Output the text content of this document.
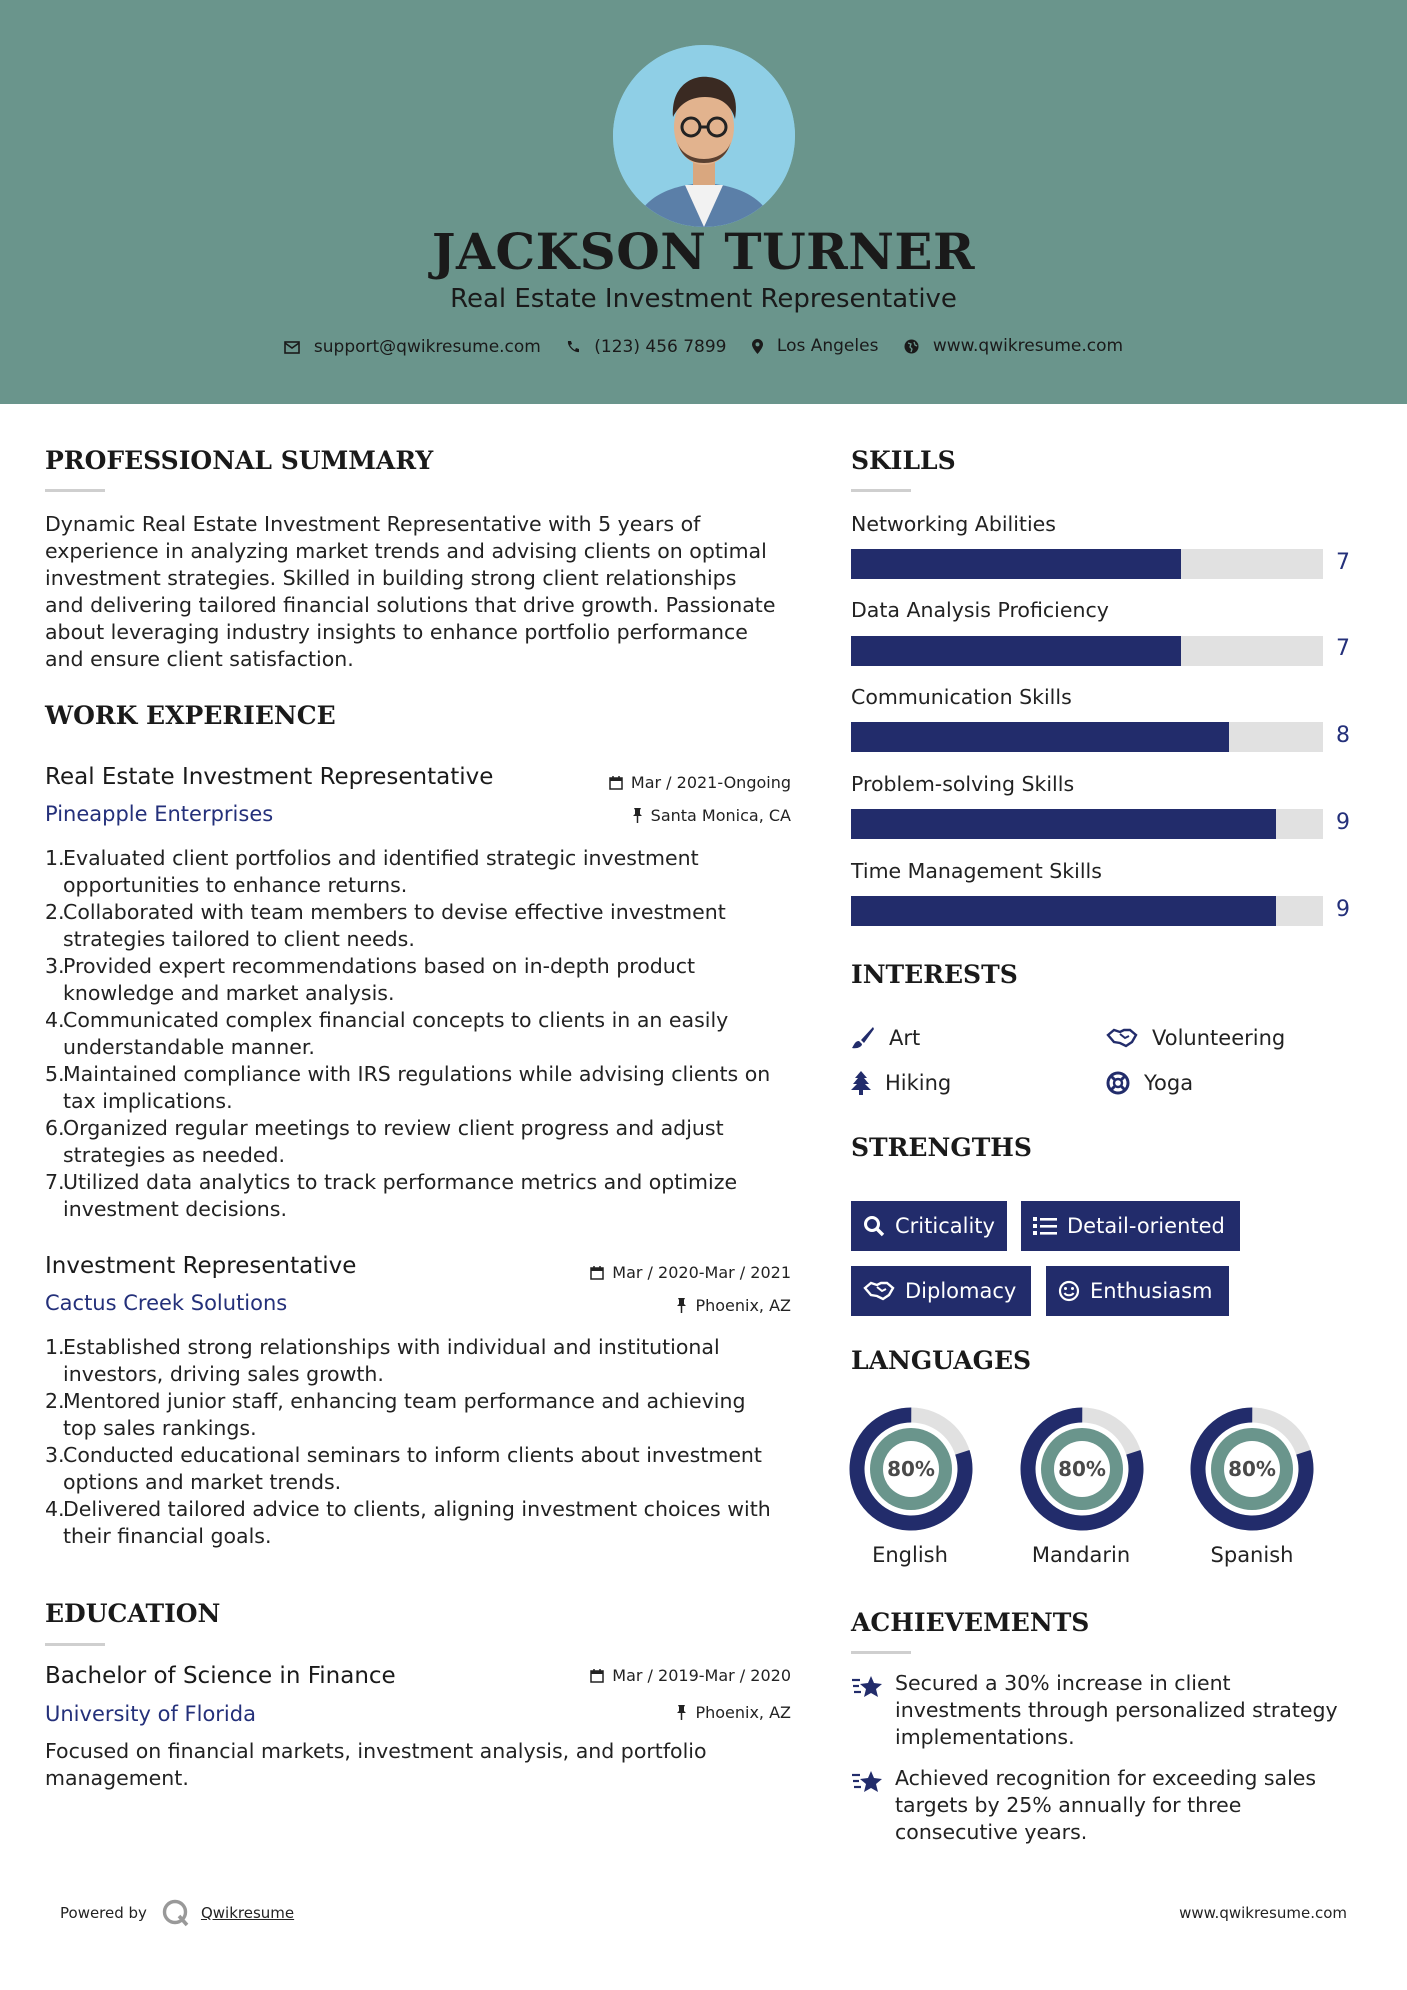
JACKSON TURNER
Real Estate Investment Representative
support@qwikresume.com
	(123) 456 7899
	Los Angeles
	www.qwikresume.com
PROFESSIONAL SUMMARY
Dynamic Real Estate Investment Representative with 5 years of
experience in analyzing market trends and advising clients on optimal
investment strategies. Skilled in building strong client relationships
and delivering tailored financial solutions that drive growth. Passionate
about leveraging industry insights to enhance portfolio performance
and ensure client satisfaction.
WORK EXPERIENCE
Real Estate Investment Representative
Pineapple Enterprises
Mar / 2021-Ongoing
Santa Monica, CA
1.
Evaluated client portfolios and identified strategic investment
opportunities to enhance returns.
2.
Collaborated with team members to devise effective investment
strategies tailored to client needs.
3.
Provided expert recommendations based on in-depth product
knowledge and market analysis.
4.
Communicated complex financial concepts to clients in an easily
understandable manner.
5.
Maintained compliance with IRS regulations while advising clients on
tax implications.
6.
Organized regular meetings to review client progress and adjust
strategies as needed.
7.
Utilized data analytics to track performance metrics and optimize
investment decisions.
Investment Representative
Cactus Creek Solutions
Mar / 2020-Mar / 2021
Phoenix, AZ
1.
Established strong relationships with individual and institutional
investors, driving sales growth.
2.
Mentored junior staff, enhancing team performance and achieving
top sales rankings.
3.
Conducted educational seminars to inform clients about investment
options and market trends.
4.
Delivered tailored advice to clients, aligning investment choices with
their financial goals.
EDUCATION
Bachelor of Science in Finance
University of Florida
Mar / 2019-Mar / 2020
Phoenix, AZ
Focused on financial markets, investment analysis, and portfolio
management.
SKILLS
Networking Abilities
7
Data Analysis Proficiency
7
Communication Skills
8
Problem-solving Skills
9
Time Management Skills
9
INTERESTS
Art	Volunteering
Hiking	Yoga
STRENGTHS
Criticality	Detail-oriented
Diplomacy	Enthusiasm
LANGUAGES
80%
English
80%
Mandarin
80%
Spanish
ACHIEVEMENTS
Secured a 30% increase in client
investments through personalized strategy
implementations.
Achieved recognition for exceeding sales
targets by 25% annually for three
consecutive years.
Powered by	Qwikresume	www.qwikresume.com
